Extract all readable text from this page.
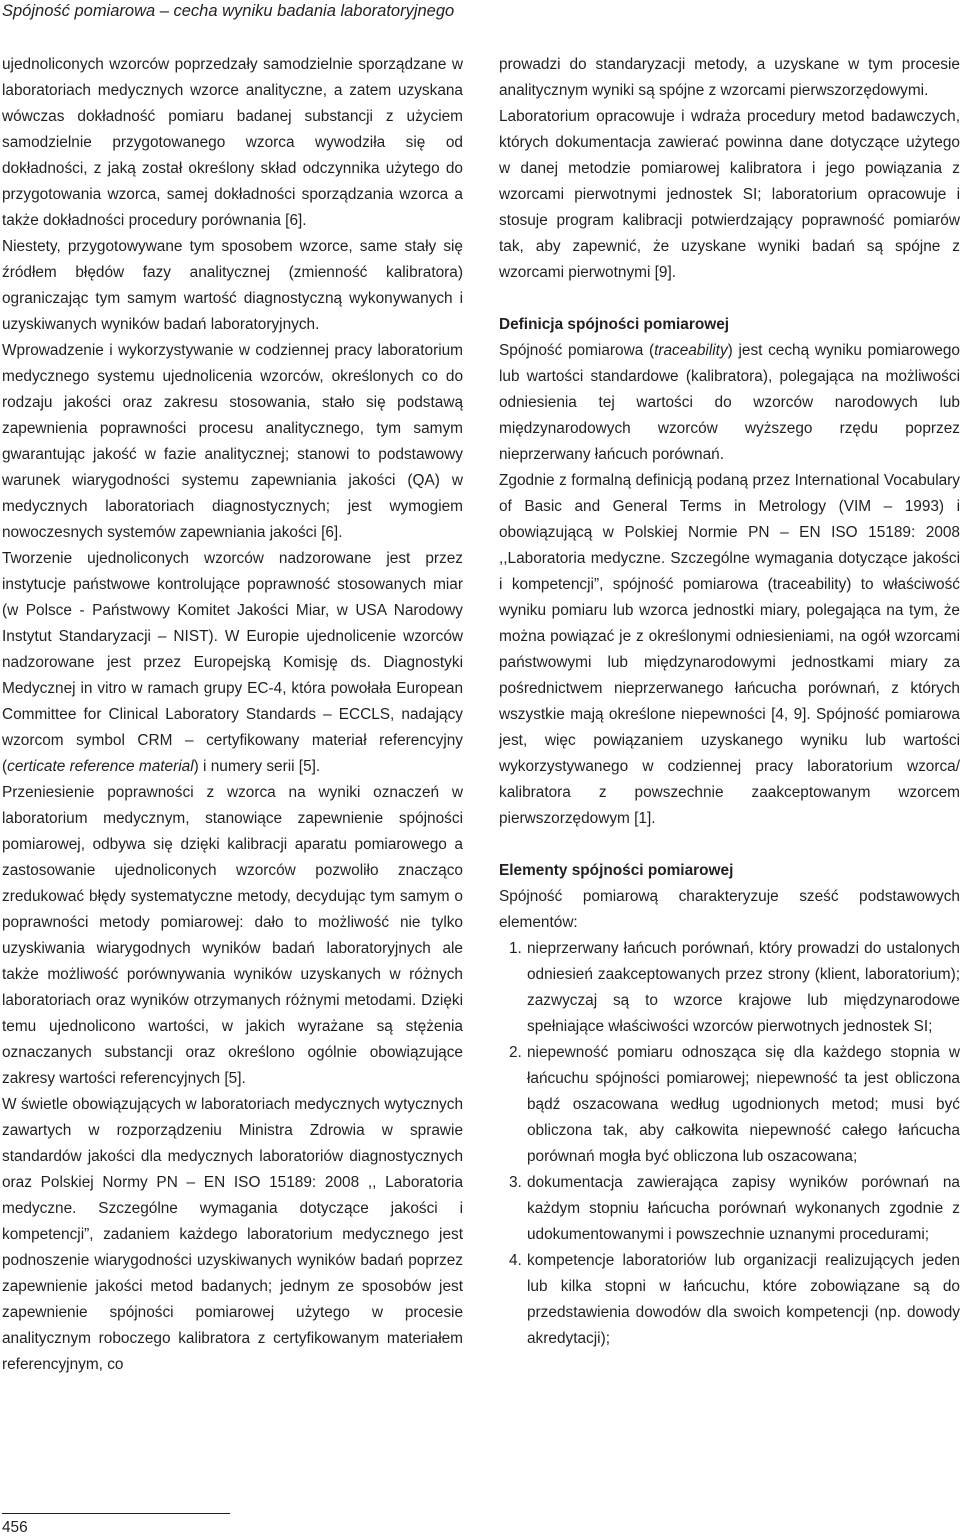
Spójność pomiarowa – cecha wyniku badania laboratoryjnego

ujednoliconych wzorców poprzedzały samodzielnie sporządzane w laboratoriach medycznych wzorce analityczne, a zatem uzyskana wówczas dokładność pomiaru badanej substancji z użyciem samodzielnie przygotowanego wzorca wywodziła się od dokładności, z jaką został określony skład odczynnika użytego do przygotowania wzorca, samej dokładności sporządzania wzorca a także dokładności procedury porównania [6].

Niestety, przygotowywane tym sposobem wzorce, same stały się źródłem błędów fazy analitycznej (zmienność kalibratora) ograniczając tym samym wartość diagnostyczną wykonywanych i uzyskiwanych wyników badań laboratoryjnych.

Wprowadzenie i wykorzystywanie w codziennej pracy laboratorium medycznego systemu ujednolicenia wzorców, określonych co do rodzaju jakości oraz zakresu stosowania, stało się podstawą zapewnienia poprawności procesu analitycznego, tym samym gwarantując jakość w fazie analitycznej; stanowi to podstawowy warunek wiarygodności systemu zapewniania jakości (QA) w medycznych laboratoriach diagnostycznych; jest wymogiem nowoczesnych systemów zapewniania jakości [6].

Tworzenie ujednoliconych wzorców nadzorowane jest przez instytucje państwowe kontrolujące poprawność stosowanych miar (w Polsce - Państwowy Komitet Jakości Miar, w USA Narodowy Instytut Standaryzacji – NIST). W Europie ujednolicenie wzorców nadzorowane jest przez Europejską Komisję ds. Diagnostyki Medycznej in vitro w ramach grupy EC-4, która powołała European Committee for Clinical Laboratory Standards – ECCLS, nadający wzorcom symbol CRM – certyfikowany materiał referencyjny (certicate reference material) i numery serii [5].

Przeniesienie poprawności z wzorca na wyniki oznaczeń w laboratorium medycznym, stanowiące zapewnienie spójności pomiarowej, odbywa się dzięki kalibracji aparatu pomiarowego a zastosowanie ujednoliconych wzorców pozwoliło znacząco zredukować błędy systematyczne metody, decydując tym samym o poprawności metody pomiarowej: dało to możliwość nie tylko uzyskiwania wiarygodnych wyników badań laboratoryjnych ale także możliwość porównywania wyników uzyskanych w różnych laboratoriach oraz wyników otrzymanych różnymi metodami. Dzięki temu ujednolicono wartości, w jakich wyrażane są stężenia oznaczanych substancji oraz określono ogólnie obowiązujące zakresy wartości referencyjnych [5].

W świetle obowiązujących w laboratoriach medycznych wytycznych zawartych w rozporządzeniu Ministra Zdrowia w sprawie standardów jakości dla medycznych laboratoriów diagnostycznych oraz Polskiej Normy PN – EN ISO 15189: 2008 ,, Laboratoria medyczne. Szczególne wymagania dotyczące jakości i kompetencji”, zadaniem każdego laboratorium medycznego jest podnoszenie wiarygodności uzyskiwanych wyników badań poprzez zapewnienie jakości metod badanych; jednym ze sposobów jest zapewnienie spójności pomiarowej użytego w procesie analitycznym roboczego kalibratora z certyfikowanym materiałem referencyjnym, co

prowadzi do standaryzacji metody, a uzyskane w tym procesie analitycznym wyniki są spójne z wzorcami pierwszorzędowymi.

Laboratorium opracowuje i wdraża procedury metod badawczych, których dokumentacja zawierać powinna dane dotyczące użytego w danej metodzie pomiarowej kalibratora i jego powiązania z wzorcami pierwotnymi jednostek SI; laboratorium opracowuje i stosuje program kalibracji potwierdzający poprawność pomiarów tak, aby zapewnić, że uzyskane wyniki badań są spójne z wzorcami pierwotnymi [9].

Definicja spójności pomiarowej

Spójność pomiarowa (traceability) jest cechą wyniku pomiarowego lub wartości standardowe (kalibratora), polegająca na możliwości odniesienia tej wartości do wzorców narodowych lub międzynarodowych wzorców wyższego rzędu poprzez nieprzerwany łańcuch porównań.

Zgodnie z formalną definicją podaną przez International Vocabulary of Basic and General Terms in Metrology (VIM – 1993) i obowiązującą w Polskiej Normie PN – EN ISO 15189: 2008 ,,Laboratoria medyczne. Szczególne wymagania dotyczące jakości i kompetencji”, spójność pomiarowa (traceability) to właściwość wyniku pomiaru lub wzorca jednostki miary, polegająca na tym, że można powiązać je z określonymi odniesieniami, na ogół wzorcami państwowymi lub międzynarodowymi jednostkami miary za pośrednictwem nieprzerwanego łańcucha porównań, z których wszystkie mają określone niepewności [4, 9]. Spójność pomiarowa jest, więc powiązaniem uzyskanego wyniku lub wartości wykorzystywanego w codziennej pracy laboratorium wzorca/ kalibratora z powszechnie zaakceptowanym wzorcem pierwszorzędowym [1].

Elementy spójności pomiarowej

Spójność pomiarową charakteryzuje sześć podstawowych elementów:

1. nieprzerwany łańcuch porównań, który prowadzi do ustalonych odniesień zaakceptowanych przez strony (klient, laboratorium); zazwyczaj są to wzorce krajowe lub międzynarodowe spełniające właściwości wzorców pierwotnych jednostek SI;
2. niepewność pomiaru odnosząca się dla każdego stopnia w łańcuchu spójności pomiarowej; niepewność ta jest obliczona bądź oszacowana według ugodnionych metod; musi być obliczona tak, aby całkowita niepewność całego łańcucha porównań mogła być obliczona lub oszacowana;
3. dokumentacja zawierająca zapisy wyników porównań na każdym stopniu łańcucha porównań wykonanych zgodnie z udokumentowanymi i powszechnie uznanymi procedurami;
4. kompetencje laboratoriów lub organizacji realizujących jeden lub kilka stopni w łańcuchu, które zobowiązane są do przedstawienia dowodów dla swoich kompetencji (np. dowody akredytacji);
456
